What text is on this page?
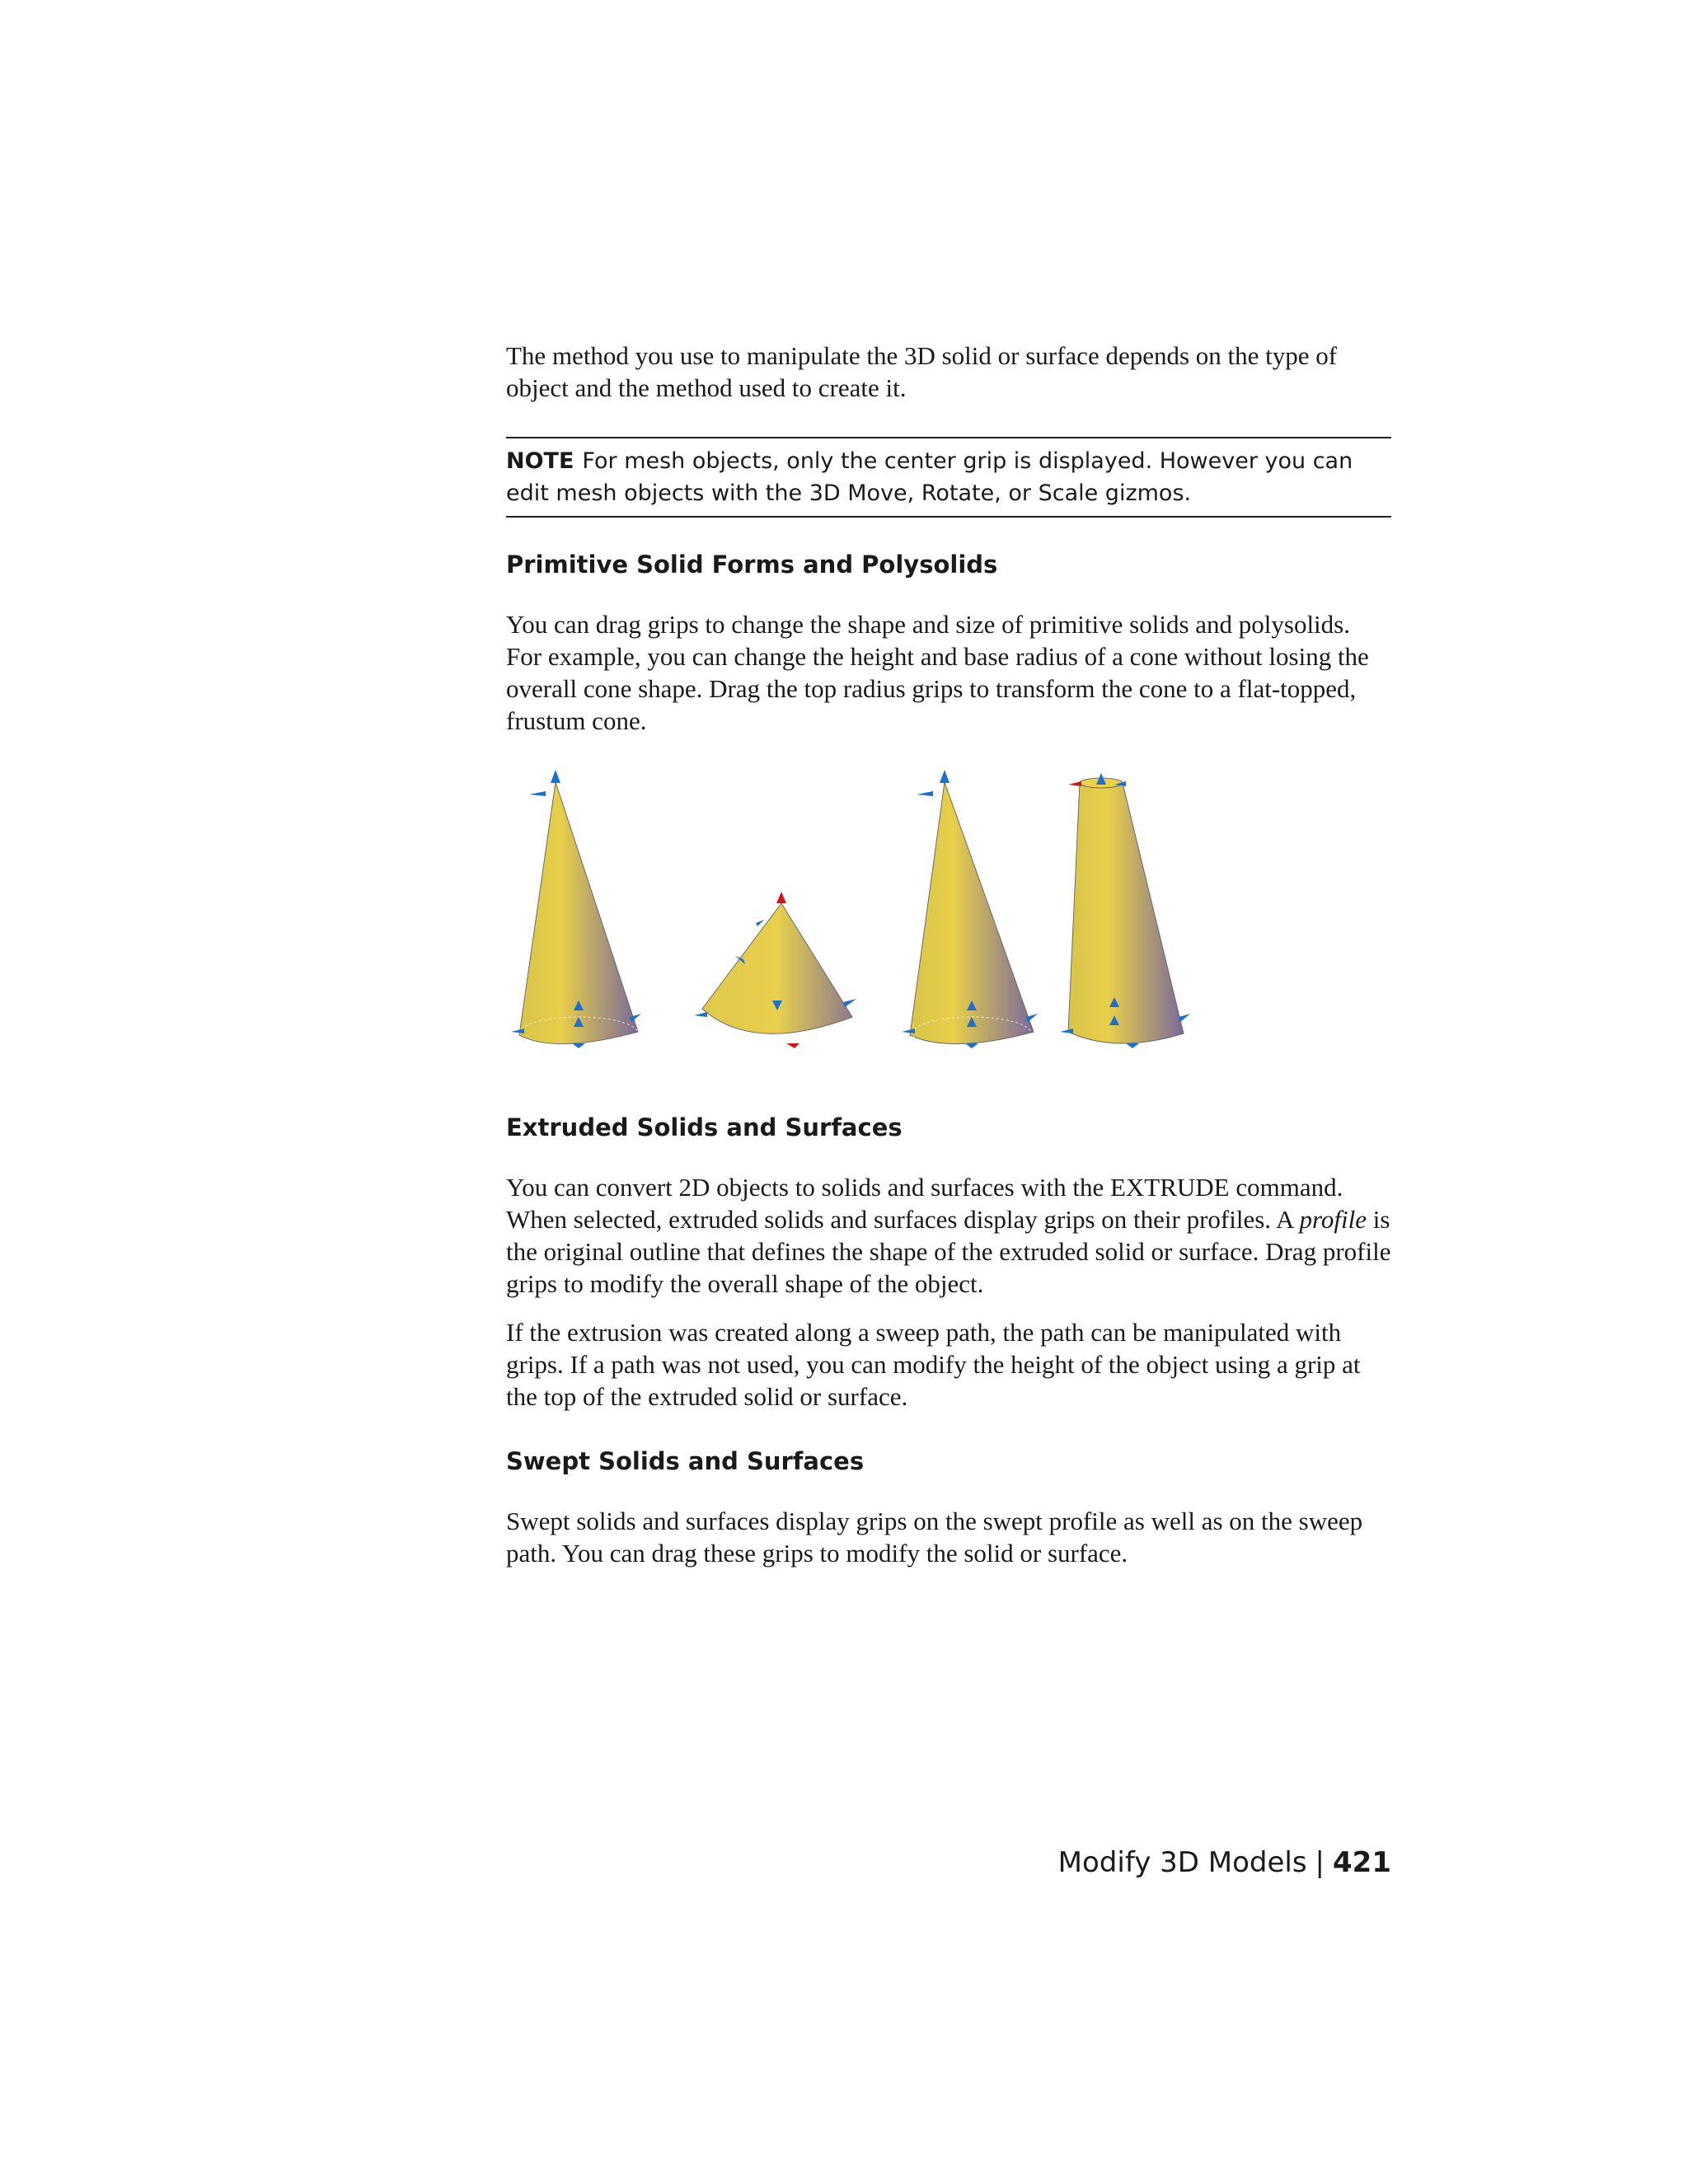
The method you use to manipulate the 3D solid or surface depends on the type of object and the method used to create it.

NOTE For mesh objects, only the center grip is displayed. However you can edit mesh objects with the 3D Move, Rotate, or Scale gizmos.
Primitive Solid Forms and Polysolids

You can drag grips to change the shape and size of primitive solids and polysolids. For example, you can change the height and base radius of a cone without losing the overall cone shape. Drag the top radius grips to transform the cone to a flat-topped, frustum cone.

Extruded Solids and Surfaces

You can convert 2D objects to solids and surfaces with the EXTRUDE command. When selected, extruded solids and surfaces display grips on their profiles. A profile is the original outline that defines the shape of the extruded solid or surface. Drag profile grips to modify the overall shape of the object.

If the extrusion was created along a sweep path, the path can be manipulated with grips. If a path was not used, you can modify the height of the object using a grip at the top of the extruded solid or surface.

Swept Solids and Surfaces

Swept solids and surfaces display grips on the swept profile as well as on the sweep path. You can drag these grips to modify the solid or surface.

Modify 3D Models | 421
